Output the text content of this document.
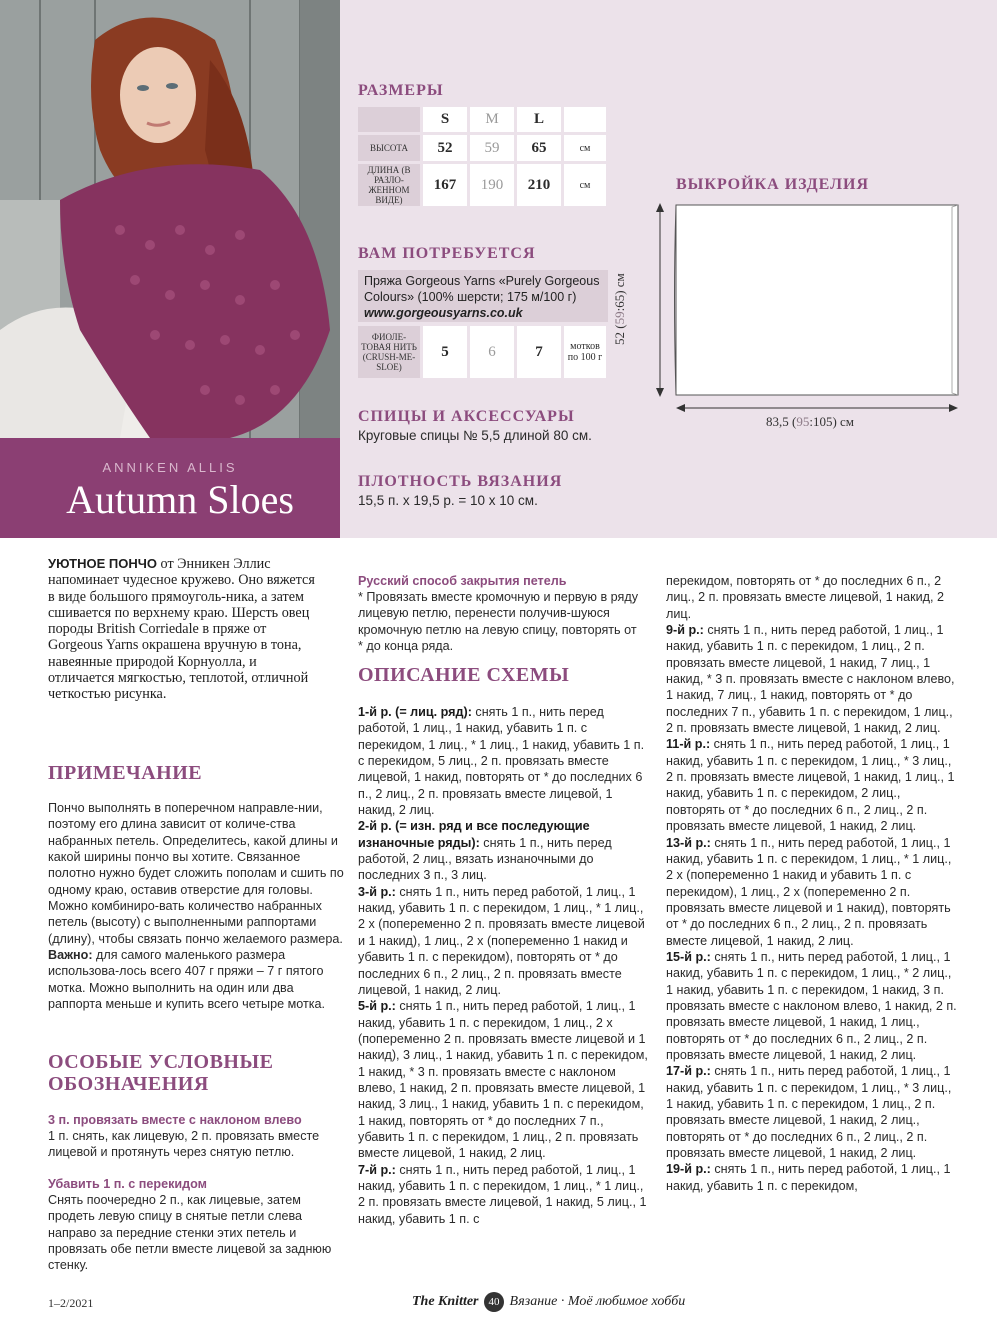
ANNIKEN ALLIS
Autumn Sloes
РАЗМЕРЫ
	S	M	L	
ВЫСОТА	52	59	65	см
ДЛИНА (В РАЗЛО-ЖЕННОМ ВИДЕ)	167	190	210	см
ВАМ ПОТРЕБУЕТСЯ
Пряжа Gorgeous Yarns «Purely Gorgeous Colours» (100% шерсти; 175 м/100 г)
www.gorgeousyarns.co.uk
ФИОЛЕ-ТОВАЯ НИТЬ (CRUSH-ME-SLOE)	5	6	7	мотков по 100 г
СПИЦЫ И АКСЕССУАРЫ
Круговые спицы № 5,5 длиной 80 см.
ПЛОТНОСТЬ ВЯЗАНИЯ
15,5 п. х 19,5 р. = 10 х 10 см.
ВЫКРОЙКА ИЗДЕЛИЯ
52 (59:65) см
83,5 (95:105) см
УЮТНОЕ ПОНЧО от Энникен Эллис напоминает чудесное кружево. Оно вяжется в виде большого прямоуголь-ника, а затем сшивается по верхнему краю. Шерсть овец породы British Corriedale в пряже от Gorgeous Yarns окрашена вручную в тона, навеянные природой Корнуолла, и отличается мягкостью, теплотой, отличной четкостью рисунка.
ПРИМЕЧАНИЕ
Пончо выполнять в поперечном направле-нии, поэтому его длина зависит от количе-ства набранных петель. Определитесь, какой длины и какой ширины пончо вы хотите. Связанное полотно нужно будет сложить пополам и сшить по одному краю, оставив отверстие для головы. Можно комбиниро-вать количество набранных петель (высоту) с выполненными раппортами (длину), чтобы связать пончо желаемого размера. Важно: для самого маленького размера использова-лось всего 407 г пряжи – 7 г пятого мотка. Можно выполнить на один или два раппорта меньше и купить всего четыре мотка.
ОСОБЫЕ УСЛОВНЫЕ ОБОЗНАЧЕНИЯ
3 п. провязать вместе с наклоном влево
1 п. снять, как лицевую, 2 п. провязать вместе лицевой и протянуть через снятую петлю.
Убавить 1 п. с перекидом
Снять поочередно 2 п., как лицевые, затем продеть левую спицу в снятые петли слева направо за передние стенки этих петель и провязать обе петли вместе лицевой за заднюю стенку.
Русский способ закрытия петель
* Провязать вместе кромочную и первую в ряду лицевую петлю, перенести получив-шуюся кромочную петлю на левую спицу, повторять от * до конца ряда.
ОПИСАНИЕ СХЕМЫ
1-й р. (= лиц. ряд): снять 1 п., нить перед работой, 1 лиц., 1 накид, убавить 1 п. с перекидом, 1 лиц., * 1 лиц., 1 накид, убавить 1 п. с перекидом, 5 лиц., 2 п. провязать вместе лицевой, 1 накид, повторять от * до последних 6 п., 2 лиц., 2 п. провязать вместе лицевой, 1 накид, 2 лиц.
2-й р. (= изн. ряд и все последующие изнаночные ряды): снять 1 п., нить перед работой, 2 лиц., вязать изнаночными до последних 3 п., 3 лиц.
3-й р.: снять 1 п., нить перед работой, 1 лиц., 1 накид, убавить 1 п. с перекидом, 1 лиц., * 1 лиц., 2 х (попеременно 2 п. провязать вместе лицевой и 1 накид), 1 лиц., 2 х (попеременно 1 накид и убавить 1 п. с перекидом), повторять от * до последних 6 п., 2 лиц., 2 п. провязать вместе лицевой, 1 накид, 2 лиц.
5-й р.: снять 1 п., нить перед работой, 1 лиц., 1 накид, убавить 1 п. с перекидом, 1 лиц., 2 х (попеременно 2 п. провязать вместе лицевой и 1 накид), 3 лиц., 1 накид, убавить 1 п. с перекидом, 1 накид, * 3 п. провязать вместе с наклоном влево, 1 накид, 2 п. провязать вместе лицевой, 1 накид, 3 лиц., 1 накид, убавить 1 п. с перекидом, 1 накид, повторять от * до последних 7 п., убавить 1 п. с перекидом, 1 лиц., 2 п. провязать вместе лицевой, 1 накид, 2 лиц.
7-й р.: снять 1 п., нить перед работой, 1 лиц., 1 накид, убавить 1 п. с перекидом, 1 лиц., * 1 лиц., 2 п. провязать вместе лицевой, 1 накид, 5 лиц., 1 накид, убавить 1 п. с
перекидом, повторять от * до последних 6 п., 2 лиц., 2 п. провязать вместе лицевой, 1 накид, 2 лиц.
9-й р.: снять 1 п., нить перед работой, 1 лиц., 1 накид, убавить 1 п. с перекидом, 1 лиц., 2 п. провязать вместе лицевой, 1 накид, 7 лиц., 1 накид, * 3 п. провязать вместе с наклоном влево, 1 накид, 7 лиц., 1 накид, повторять от * до последних 7 п., убавить 1 п. с перекидом, 1 лиц., 2 п. провязать вместе лицевой, 1 накид, 2 лиц.
11-й р.: снять 1 п., нить перед работой, 1 лиц., 1 накид, убавить 1 п. с перекидом, 1 лиц., * 3 лиц., 2 п. провязать вместе лицевой, 1 накид, 1 лиц., 1 накид, убавить 1 п. с перекидом, 2 лиц., повторять от * до последних 6 п., 2 лиц., 2 п. провязать вместе лицевой, 1 накид, 2 лиц.
13-й р.: снять 1 п., нить перед работой, 1 лиц., 1 накид, убавить 1 п. с перекидом, 1 лиц., * 1 лиц., 2 х (попеременно 1 накид и убавить 1 п. с перекидом), 1 лиц., 2 х (попеременно 2 п. провязать вместе лицевой и 1 накид), повторять от * до последних 6 п., 2 лиц., 2 п. провязать вместе лицевой, 1 накид, 2 лиц.
15-й р.: снять 1 п., нить перед работой, 1 лиц., 1 накид, убавить 1 п. с перекидом, 1 лиц., * 2 лиц., 1 накид, убавить 1 п. с перекидом, 1 накид, 3 п. провязать вместе с наклоном влево, 1 накид, 2 п. провязать вместе лицевой, 1 накид, 1 лиц., повторять от * до последних 6 п., 2 лиц., 2 п. провязать вместе лицевой, 1 накид, 2 лиц.
17-й р.: снять 1 п., нить перед работой, 1 лиц., 1 накид, убавить 1 п. с перекидом, 1 лиц., * 3 лиц., 1 накид, убавить 1 п. с перекидом, 1 лиц., 2 п. провязать вместе лицевой, 1 накид, 2 лиц., повторять от * до последних 6 п., 2 лиц., 2 п. провязать вместе лицевой, 1 накид, 2 лиц.
19-й р.: снять 1 п., нить перед работой, 1 лиц., 1 накид, убавить 1 п. с перекидом,
1–2/2021	The Knitter 40 Вязание · Моё любимое хобби
